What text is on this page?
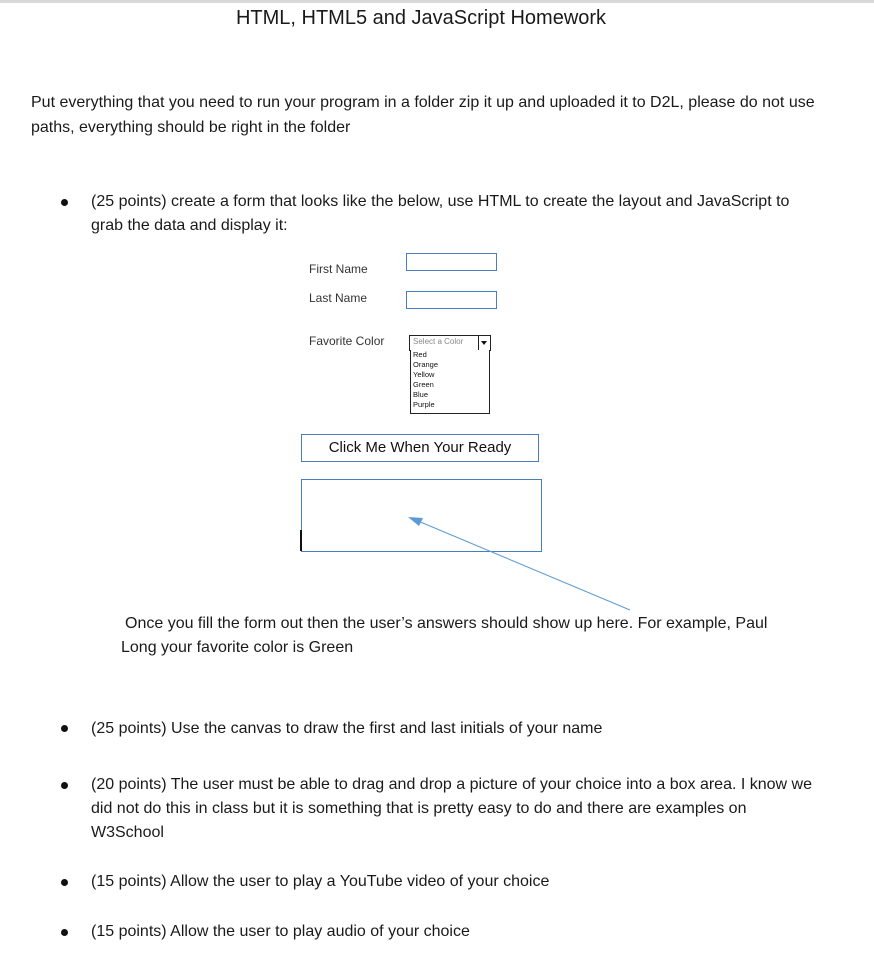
HTML, HTML5 and JavaScript Homework
Put everything that you need to run your program in a folder zip it up and uploaded it to D2L, please do not use paths, everything should be right in the folder
(25 points) create a form that looks like the below, use HTML to create the layout and JavaScript to grab the data and display it:
First Name
Last Name
Favorite Color	Select a Color
Red
Orange
Yellow
Green
Blue
Purple
Click Me When Your Ready
Once you fill the form out then the user’s answers should show up here. For example, Paul
Long your favorite color is Green
(25 points) Use the canvas to draw the first and last initials of your name
(20 points) The user must be able to drag and drop a picture of your choice into a box area. I know we did not do this in class but it is something that is pretty easy to do and there are examples on W3School
(15 points) Allow the user to play a YouTube video of your choice
(15 points) Allow the user to play audio of your choice
